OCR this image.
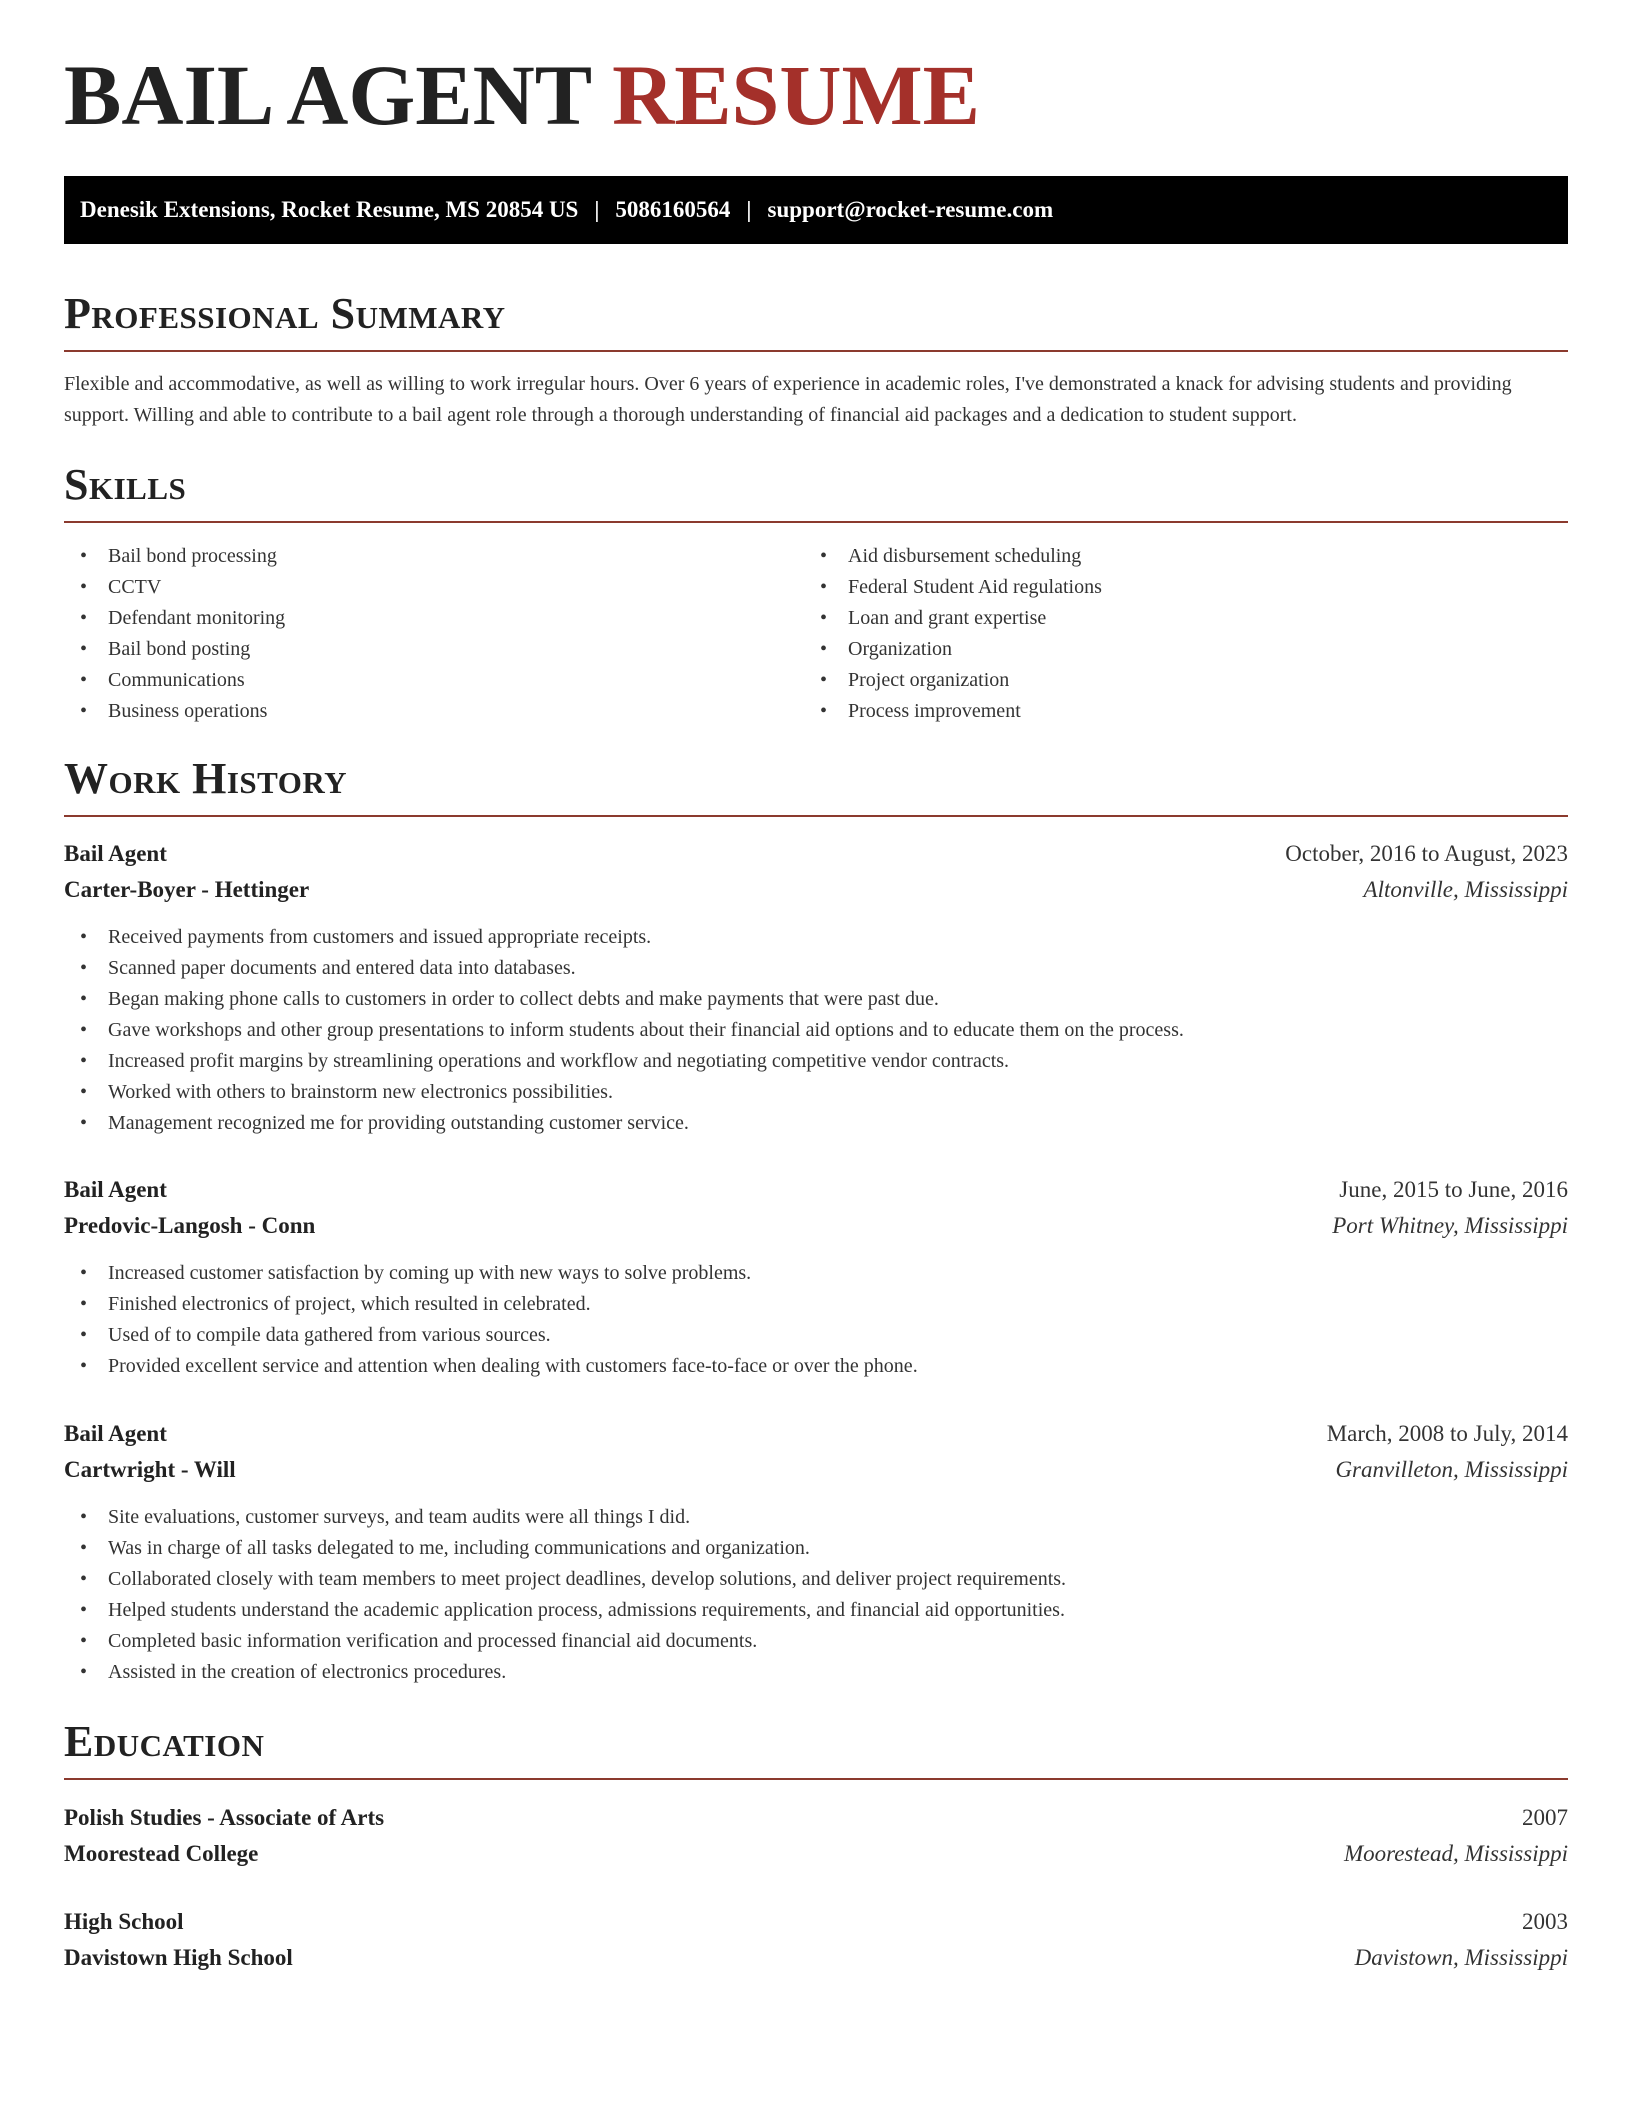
BAIL AGENT RESUME
Denesik Extensions, Rocket Resume, MS 20854 US | 5086160564 | support@rocket-resume.com
Professional Summary

Flexible and accommodative, as well as willing to work irregular hours. Over 6 years of experience in academic roles, I've demonstrated a knack for advising students and providing support. Willing and able to contribute to a bail agent role through a thorough understanding of financial aid packages and a dedication to student support.

Skills
• Bail bond processing
• CCTV
• Defendant monitoring
• Bail bond posting
• Communications
• Business operations
• Aid disbursement scheduling
• Federal Student Aid regulations
• Loan and grant expertise
• Organization
• Project organization
• Process improvement
Work History
Bail Agent	October, 2016 to August, 2023
Carter-Boyer - Hettinger	Altonville, Mississippi
• Received payments from customers and issued appropriate receipts.
• Scanned paper documents and entered data into databases.
• Began making phone calls to customers in order to collect debts and make payments that were past due.
• Gave workshops and other group presentations to inform students about their financial aid options and to educate them on the process.
• Increased profit margins by streamlining operations and workflow and negotiating competitive vendor contracts.
• Worked with others to brainstorm new electronics possibilities.
• Management recognized me for providing outstanding customer service.
Bail Agent	June, 2015 to June, 2016
Predovic-Langosh - Conn	Port Whitney, Mississippi
• Increased customer satisfaction by coming up with new ways to solve problems.
• Finished electronics of project, which resulted in celebrated.
• Used of to compile data gathered from various sources.
• Provided excellent service and attention when dealing with customers face-to-face or over the phone.
Bail Agent	March, 2008 to July, 2014
Cartwright - Will	Granvilleton, Mississippi
• Site evaluations, customer surveys, and team audits were all things I did.
• Was in charge of all tasks delegated to me, including communications and organization.
• Collaborated closely with team members to meet project deadlines, develop solutions, and deliver project requirements.
• Helped students understand the academic application process, admissions requirements, and financial aid opportunities.
• Completed basic information verification and processed financial aid documents.
• Assisted in the creation of electronics procedures.
Education
Polish Studies - Associate of Arts	2007
Moorestead College	Moorestead, Mississippi
High School	2003
Davistown High School	Davistown, Mississippi
